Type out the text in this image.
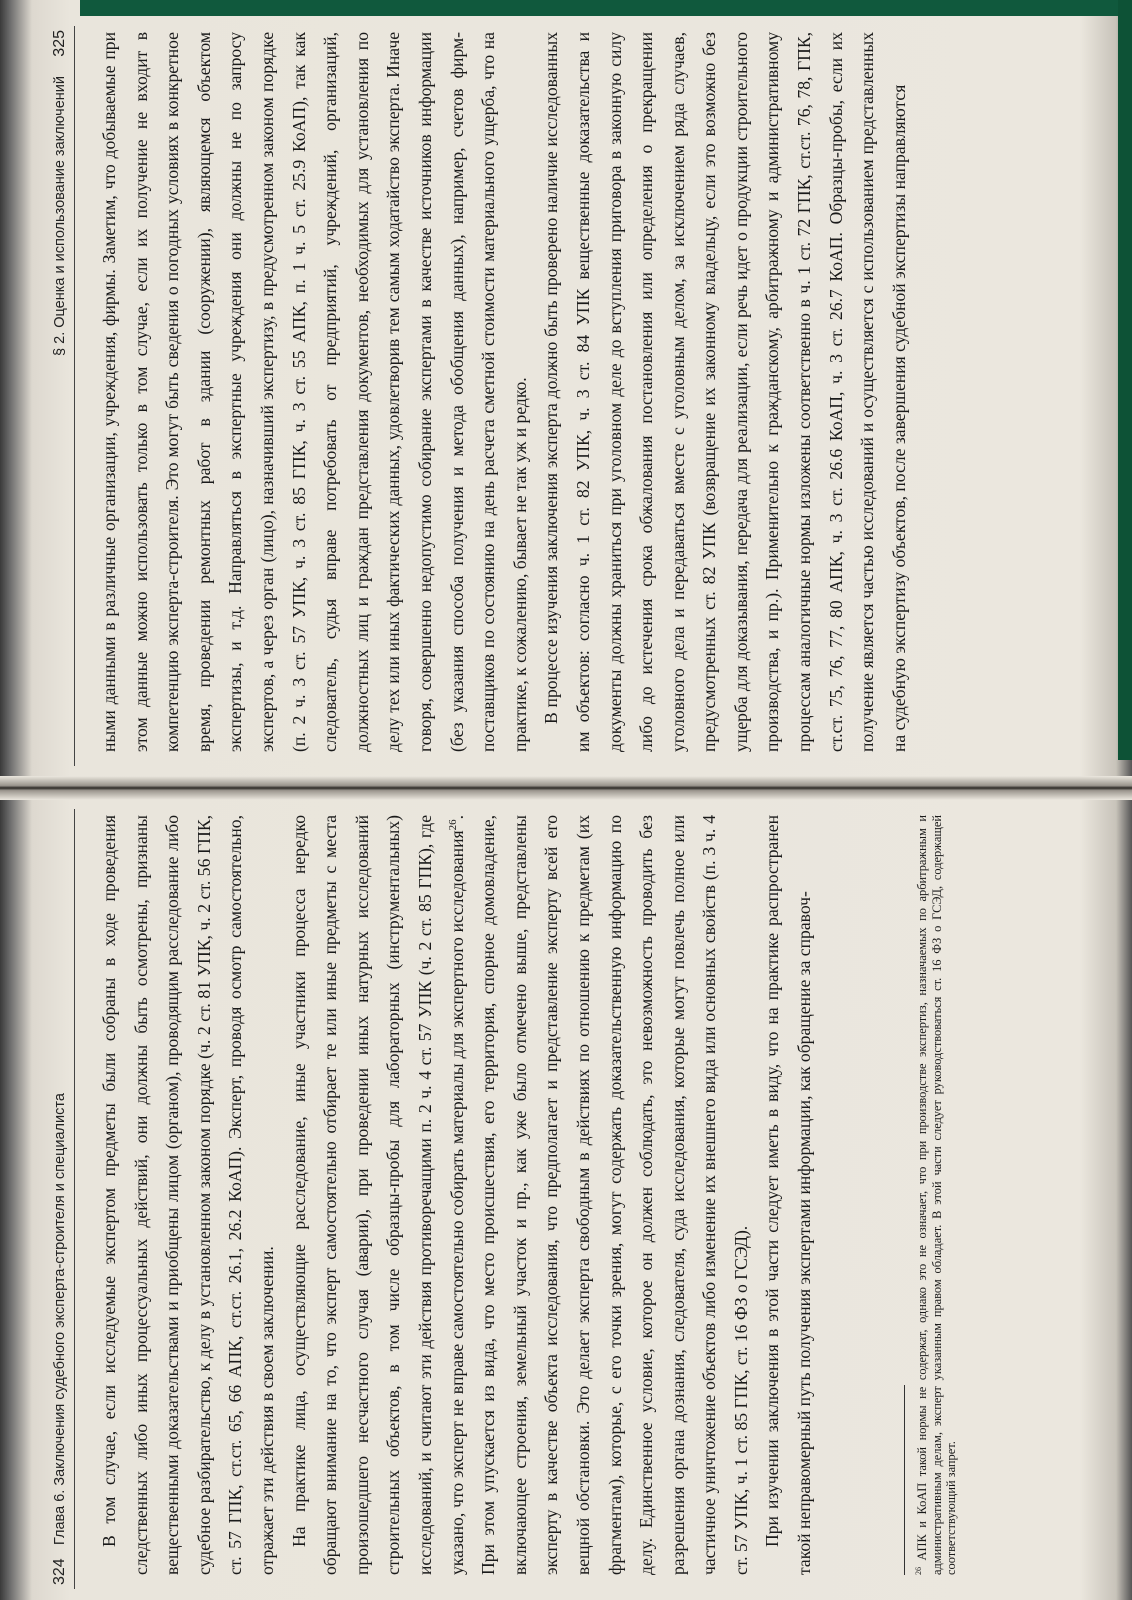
§ 2. Оценка и использование заключений
325 ными данными в различные организации, учреждения, фирмы. Заметим, что добываемые при этом данные можно использовать только в том случае, если их получение не входит в компетенцию эксперта-строителя. Это могут быть сведения о погодных условиях в конкретное время, проведении ремонтных работ в здании (сооружении), являющемся объектом экспертизы, и т.д. Направляться в экспертные учреждения они должны не по запросу экспертов, а через орган (лицо), назначивший экспертизу, в предусмотренном законом порядке (п. 2 ч. 3 ст. 57 УПК, ч. 3 ст. 85 ГПК, ч. 3 ст. 55 АПК, п. 1 ч. 5 ст. 25.9 КоАП), так как следователь, судья вправе потребовать от предприятий, учреждений, организаций, должностных лиц и граждан представления документов, необходимых для установления по делу тех или иных фактических данных, удовлетворив тем самым ходатайство эксперта. Иначе говоря, совершенно недопустимо собирание экспертами в качестве источников информации (без указания способа получения и метода обобщения данных), например, счетов фирм-поставщиков по состоянию на день расчета сметной стоимости материального ущерба, что на практике, к сожалению, бывает не так уж и редко. В процессе изучения заключения эксперта должно быть проверено наличие исследованных им объектов: согласно ч. 1 ст. 82 УПК, ч. 3 ст. 84 УПК вещественные доказательства и документы должны храниться при уголовном деле до вступления приговора в законную силу либо до истечения срока обжалования постановления или определения о прекращении уголовного дела и передаваться вместе с уголовным делом, за исключением ряда случаев, предусмотренных ст. 82 УПК (возвращение их законному владельцу, если это возможно без ущерба для доказывания, передача для реализации, если речь идет о продукции строительного производства, и пр.). Применительно к гражданскому, арбитражному и административному процессам аналогичные нормы изложены соответственно в ч. 1 ст. 72 ГПК, ст.ст. 76, 78, ГПК, ст.ст. 75, 76, 77, 80 АПК, ч. 3 ст. 26.6 КоАП, ч. 3 ст. 26.7 КоАП. Образцы-пробы, если их получение является частью исследований и осуществляется с использованием представленных на судебную экспертизу объектов, после завершения судебной экспертизы направляются

324
Глава 6. Заключения судебного эксперта-строителя и специалиста В том случае, если исследуемые экспертом предметы были собраны в ходе проведения следственных либо иных процессуальных действий, они должны быть осмотрены, признаны вещественными доказательствами и приобщены лицом (органом), проводящим расследование либо судебное разбирательство, к делу в установленном законом порядке (ч. 2 ст. 81 УПК, ч. 2 ст. 56 ГПК, ст. 57 ГПК, ст.ст. 65, 66 АПК, ст.ст. 26.1, 26.2 КоАП). Эксперт, проводя осмотр самостоятельно, отражает эти действия в своем заключении. На практике лица, осуществляющие расследование, иные участники процесса нередко обращают внимание на то, что эксперт самостоятельно отбирает те или иные предметы с места произошедшего несчастного случая (аварии), при проведении иных натурных исследований строительных объектов, в том числе образцы-пробы для лабораторных (инструментальных) исследований, и считают эти действия противоречащими п. 2 ч. 4 ст. 57 УПК (ч. 2 ст. 85 ГПК), где указано, что эксперт не вправе самостоятельно собирать материалы для экспертного исследования$^{26}$. При этом упускается из вида, что место происшествия, его территория, спорное домовладение, включающее строения, земельный участок и пр., как уже было отмечено выше, представлены эксперту в качестве объекта исследования, что предполагает и представление эксперту всей его вещной обстановки. Это делает эксперта свободным в действиях по отношению к предметам (их фрагментам), которые, с его точки зрения, могут содержать доказательственную информацию по делу. Единственное условие, которое он должен соблюдать, это невозможность проводить без разрешения органа дознания, следователя, суда исследования, которые могут повлечь полное или частичное уничтожение объектов либо изменение их внешнего вида или основных свойств (п. 3 ч. 4 ст. 57 УПК, ч. 1 ст. 85 ГПК, ст. 16 ФЗ о ГСЭД). При изучении заключения в этой части следует иметь в виду, что на практике распространен такой неправомерный путь получения экспертами информации, как обращение за справоч-	$^{26}$ АПК и КоАП такой нормы не содержат, однако это не означает, что при производстве экспертиз, назначаемых по арбитражным и административным делам, эксперт указанным правом обладает. В этой части следует руководствоваться ст. 16 ФЗ о ГСЭД, содержащей соответствующий запрет.
